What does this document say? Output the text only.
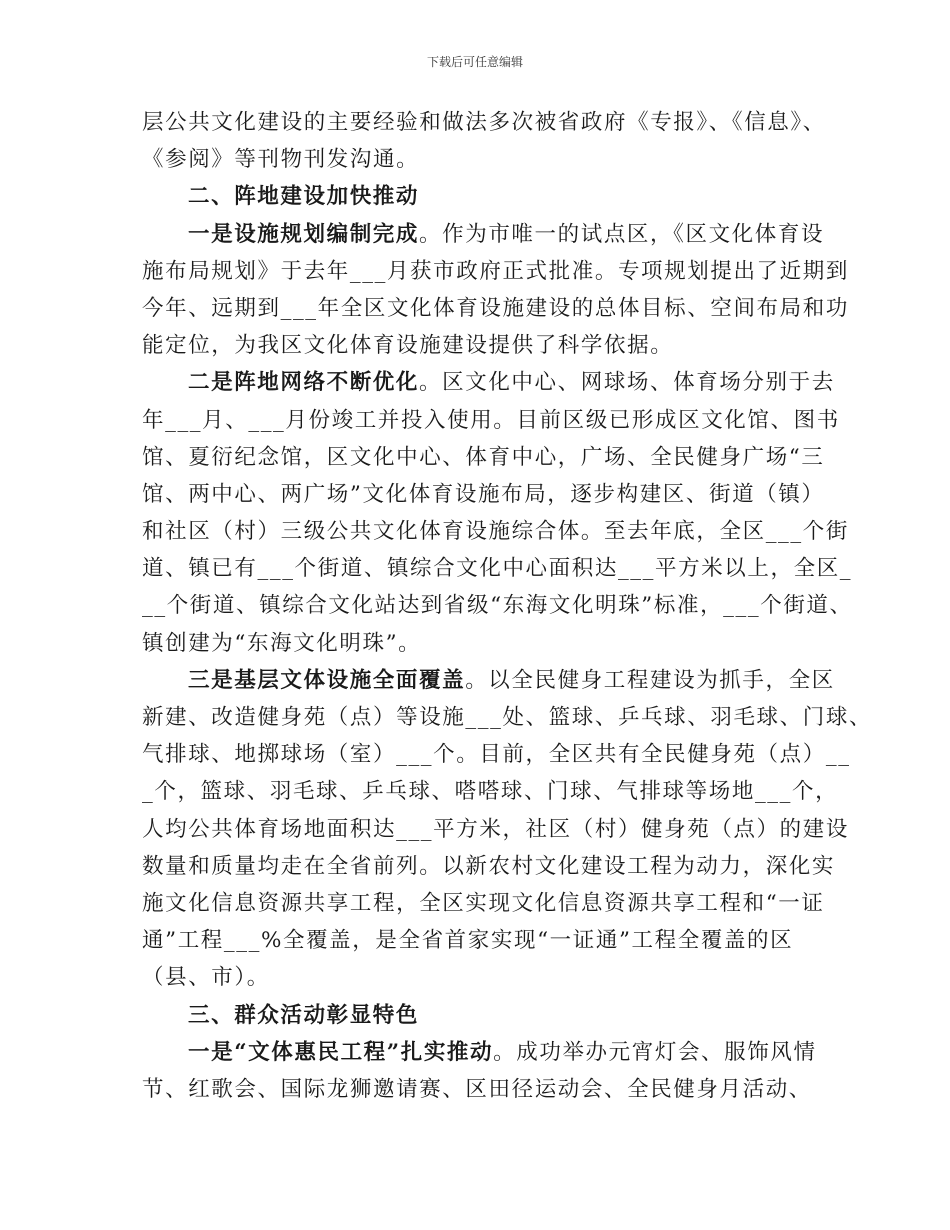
下载后可任意编辑
层公共文化建设的主要经验和做法多次被省政府《专报》、《信息》、
《参阅》等刊物刊发沟通。
二、阵地建设加快推动
一是设施规划编制完成。作为市唯一的试点区，《区文化体育设
施布局规划》于去年___月获市政府正式批准。专项规划提出了近期到
今年、远期到___年全区文化体育设施建设的总体目标、空间布局和功
能定位，为我区文化体育设施建设提供了科学依据。
二是阵地网络不断优化。区文化中心、网球场、体育场分别于去
年___月、___月份竣工并投入使用。目前区级已形成区文化馆、图书
馆、夏衍纪念馆，区文化中心、体育中心，广场、全民健身广场“三
馆、两中心、两广场”文化体育设施布局，逐步构建区、街道（镇）
和社区（村）三级公共文化体育设施综合体。至去年底，全区___个街
道、镇已有___个街道、镇综合文化中心面积达___平方米以上，全区_
__个街道、镇综合文化站达到省级“东海文化明珠”标准，___个街道、
镇创建为“东海文化明珠”。
三是基层文体设施全面覆盖。以全民健身工程建设为抓手，全区
新建、改造健身苑（点）等设施___处、篮球、乒乓球、羽毛球、门球、
气排球、地掷球场（室）___个。目前，全区共有全民健身苑（点）__
_个，篮球、羽毛球、乒乓球、嗒嗒球、门球、气排球等场地___个，
人均公共体育场地面积达___平方米，社区（村）健身苑（点）的建设
数量和质量均走在全省前列。以新农村文化建设工程为动力，深化实
施文化信息资源共享工程，全区实现文化信息资源共享工程和“一证
通”工程___%全覆盖，是全省首家实现“一证通”工程全覆盖的区
（县、市）。
三、群众活动彰显特色
一是“文体惠民工程”扎实推动。成功举办元宵灯会、服饰风情
节、红歌会、国际龙狮邀请赛、区田径运动会、全民健身月活动、
